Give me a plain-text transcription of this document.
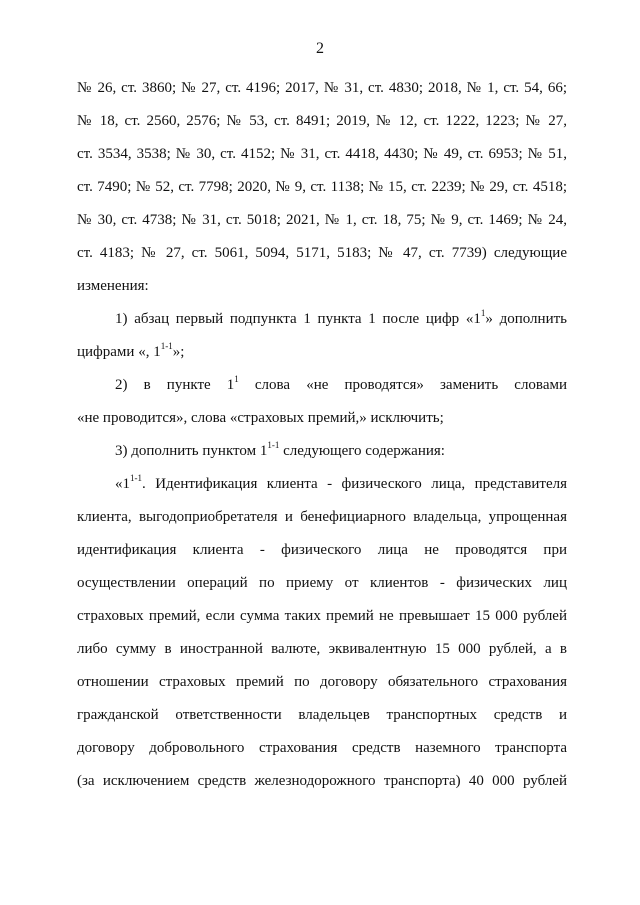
2
№ 26, ст. 3860; № 27, ст. 4196; 2017, № 31, ст. 4830; 2018, № 1, ст. 54, 66;
№ 18, ст. 2560, 2576; № 53, ст. 8491; 2019, № 12, ст. 1222, 1223; № 27,
ст. 3534, 3538; № 30, ст. 4152; № 31, ст. 4418, 4430; № 49, ст. 6953; № 51,
ст. 7490; № 52, ст. 7798; 2020, № 9, ст. 1138; № 15, ст. 2239; № 29, ст. 4518;
№ 30, ст. 4738; № 31, ст. 5018; 2021, № 1, ст. 18, 75; № 9, ст. 1469; № 24,
ст. 4183; № 27, ст. 5061, 5094, 5171, 5183; № 47, ст. 7739) следующие
изменения:
1) абзац первый подпункта 1 пункта 1 после цифр «$1^1$» дополнить
цифрами «, 1$^{1-1}$»;
2) в пункте $1^1$ слова «не проводятся» заменить словами
«не проводится», слова «страховых премий,» исключить;
3) дополнить пунктом 1$^{1-1}$ следующего содержания:
«1$^{1-1}$. Идентификация клиента - физического лица, представителя
клиента, выгодоприобретателя и бенефициарного владельца, упрощенная
идентификация клиента - физического лица не проводятся при
осуществлении операций по приему от клиентов - физических лиц
страховых премий, если сумма таких премий не превышает 15 000 рублей
либо сумму в иностранной валюте, эквивалентную 15 000 рублей, а в
отношении страховых премий по договору обязательного страхования
гражданской ответственности владельцев транспортных средств и
договору добровольного страхования средств наземного транспорта
(за исключением средств железнодорожного транспорта) 40 000 рублей
